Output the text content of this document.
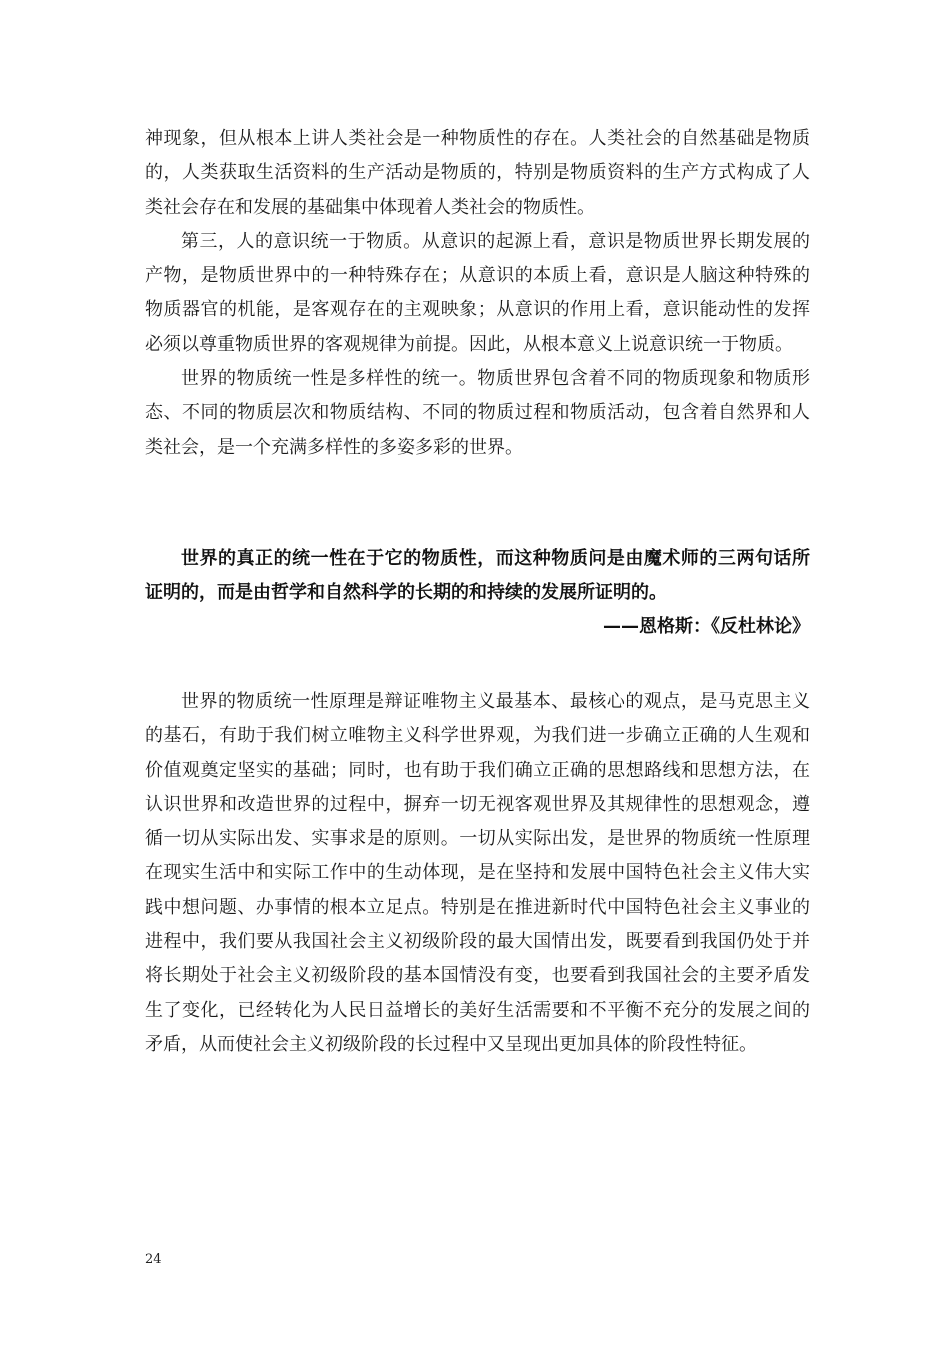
神现象，但从根本上讲人类社会是一种物质性的存在。人类社会的自然基础是物质的，人类获取生活资料的生产活动是物质的，特别是物质资料的生产方式构成了人类社会存在和发展的基础集中体现着人类社会的物质性。

第三，人的意识统一于物质。从意识的起源上看，意识是物质世界长期发展的产物，是物质世界中的一种特殊存在；从意识的本质上看，意识是人脑这种特殊的物质器官的机能，是客观存在的主观映象；从意识的作用上看，意识能动性的发挥必须以尊重物质世界的客观规律为前提。因此，从根本意义上说意识统一于物质。

世界的物质统一性是多样性的统一。物质世界包含着不同的物质现象和物质形态、不同的物质层次和物质结构、不同的物质过程和物质活动，包含着自然界和人类社会，是一个充满多样性的多姿多彩的世界。

世界的真正的统一性在于它的物质性，而这种物质问是由魔术师的三两句话所证明的，而是由哲学和自然科学的长期的和持续的发展所证明的。

——恩格斯：《反杜林论》

世界的物质统一性原理是辩证唯物主义最基本、最核心的观点，是马克思主义的基石，有助于我们树立唯物主义科学世界观，为我们进一步确立正确的人生观和价值观奠定坚实的基础；同时，也有助于我们确立正确的思想路线和思想方法，在认识世界和改造世界的过程中，摒弃一切无视客观世界及其规律性的思想观念，遵循一切从实际出发、实事求是的原则。一切从实际出发，是世界的物质统一性原理在现实生活中和实际工作中的生动体现，是在坚持和发展中国特色社会主义伟大实践中想问题、办事情的根本立足点。特别是在推进新时代中国特色社会主义事业的进程中，我们要从我国社会主义初级阶段的最大国情出发，既要看到我国仍处于并将长期处于社会主义初级阶段的基本国情没有变，也要看到我国社会的主要矛盾发生了变化，已经转化为人民日益增长的美好生活需要和不平衡不充分的发展之间的矛盾，从而使社会主义初级阶段的长过程中又呈现出更加具体的阶段性特征。

24
